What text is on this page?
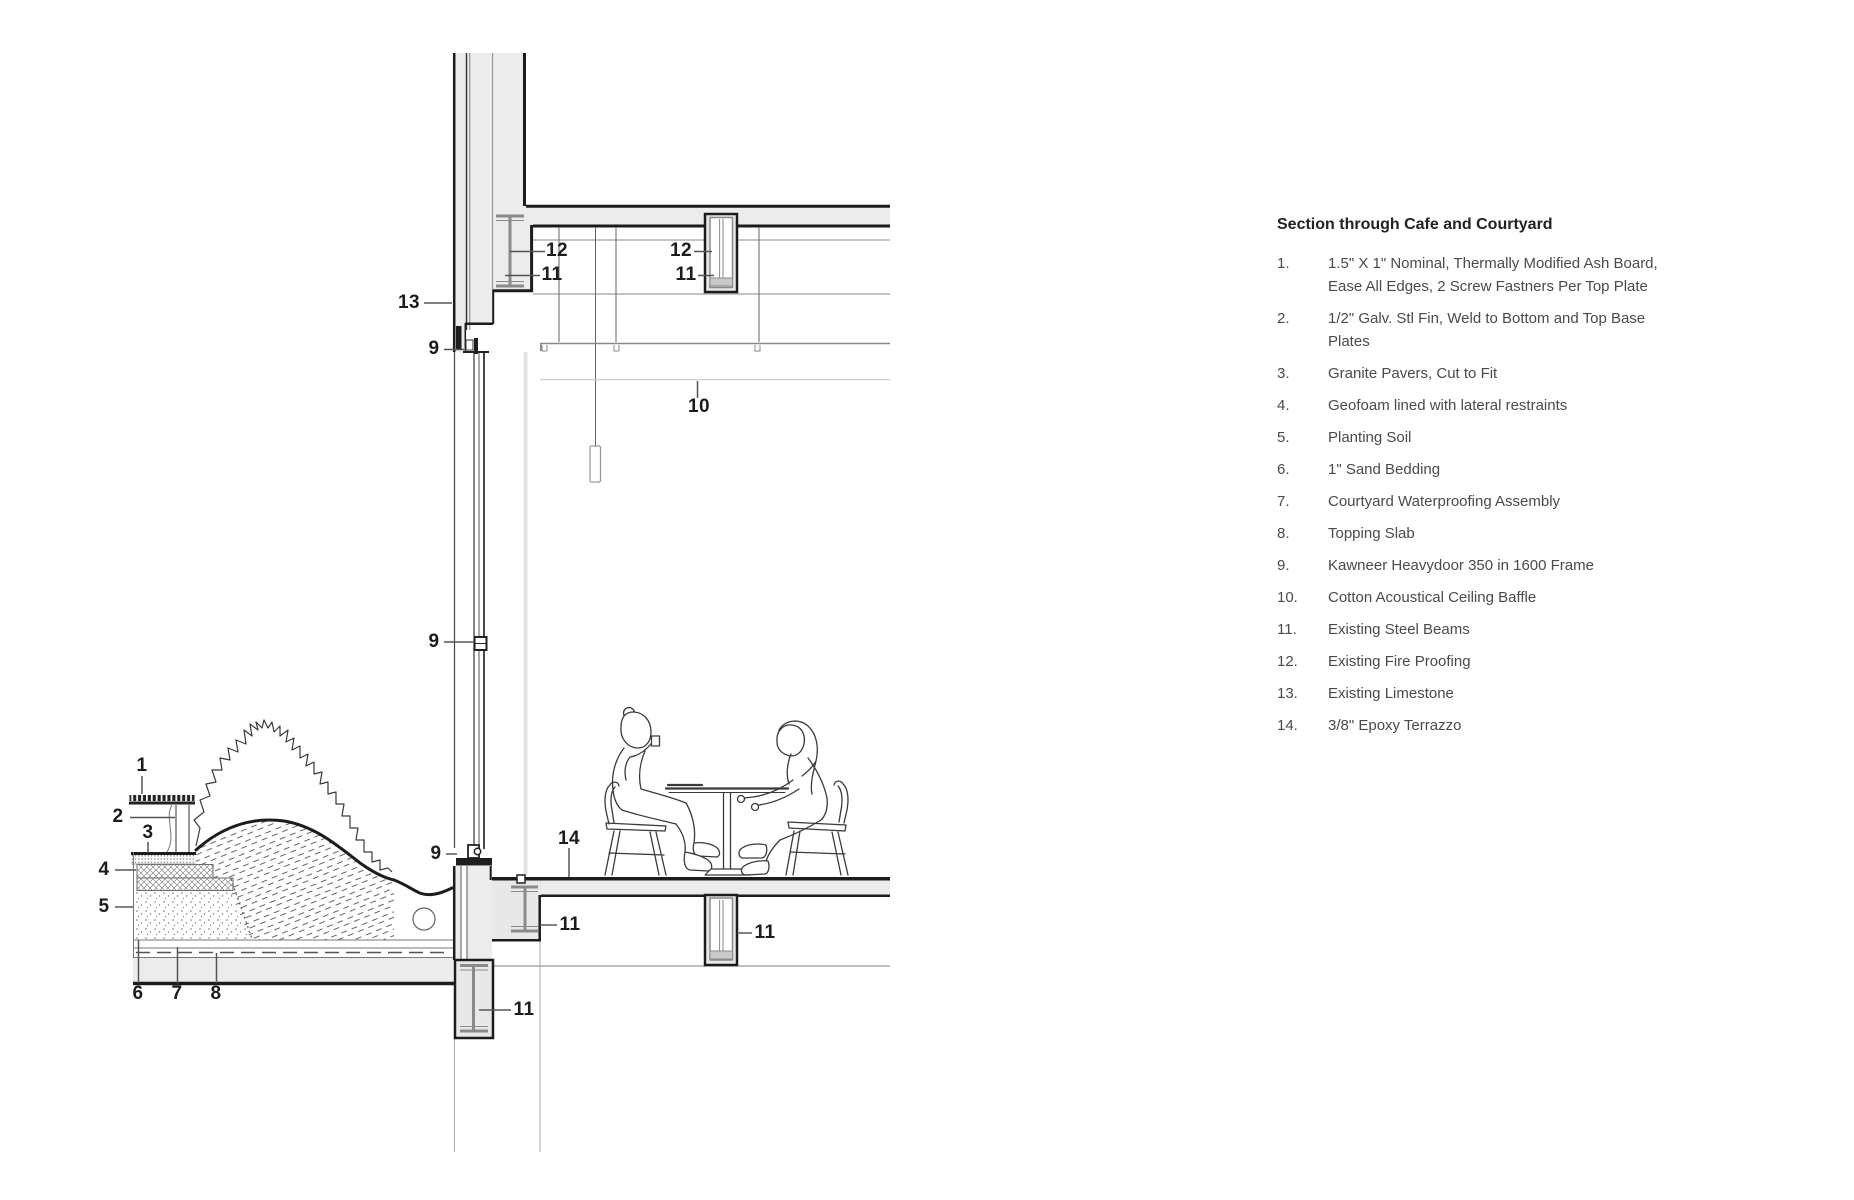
13
9
9
9
12
11
12
11
10
14
11	11
11
1
2
3
4
5
6 7 8
Section through Cafe and Courtyard
1.	1.5" X 1" Nominal, Thermally Modified Ash Board, Ease All Edges, 2 Screw Fastners Per Top Plate
2.	1/2" Galv. Stl Fin, Weld to Bottom and Top Base Plates
3.	Granite Pavers, Cut to Fit
4.	Geofoam lined with lateral restraints
5.	Planting Soil
6.	1" Sand Bedding
7.	Courtyard Waterproofing Assembly
8.	Topping Slab
9.	Kawneer Heavydoor 350 in 1600 Frame
10.	Cotton Acoustical Ceiling Baffle
11.	Existing Steel Beams
12.	Existing Fire Proofing
13.	Existing Limestone
14.	3/8" Epoxy Terrazzo
